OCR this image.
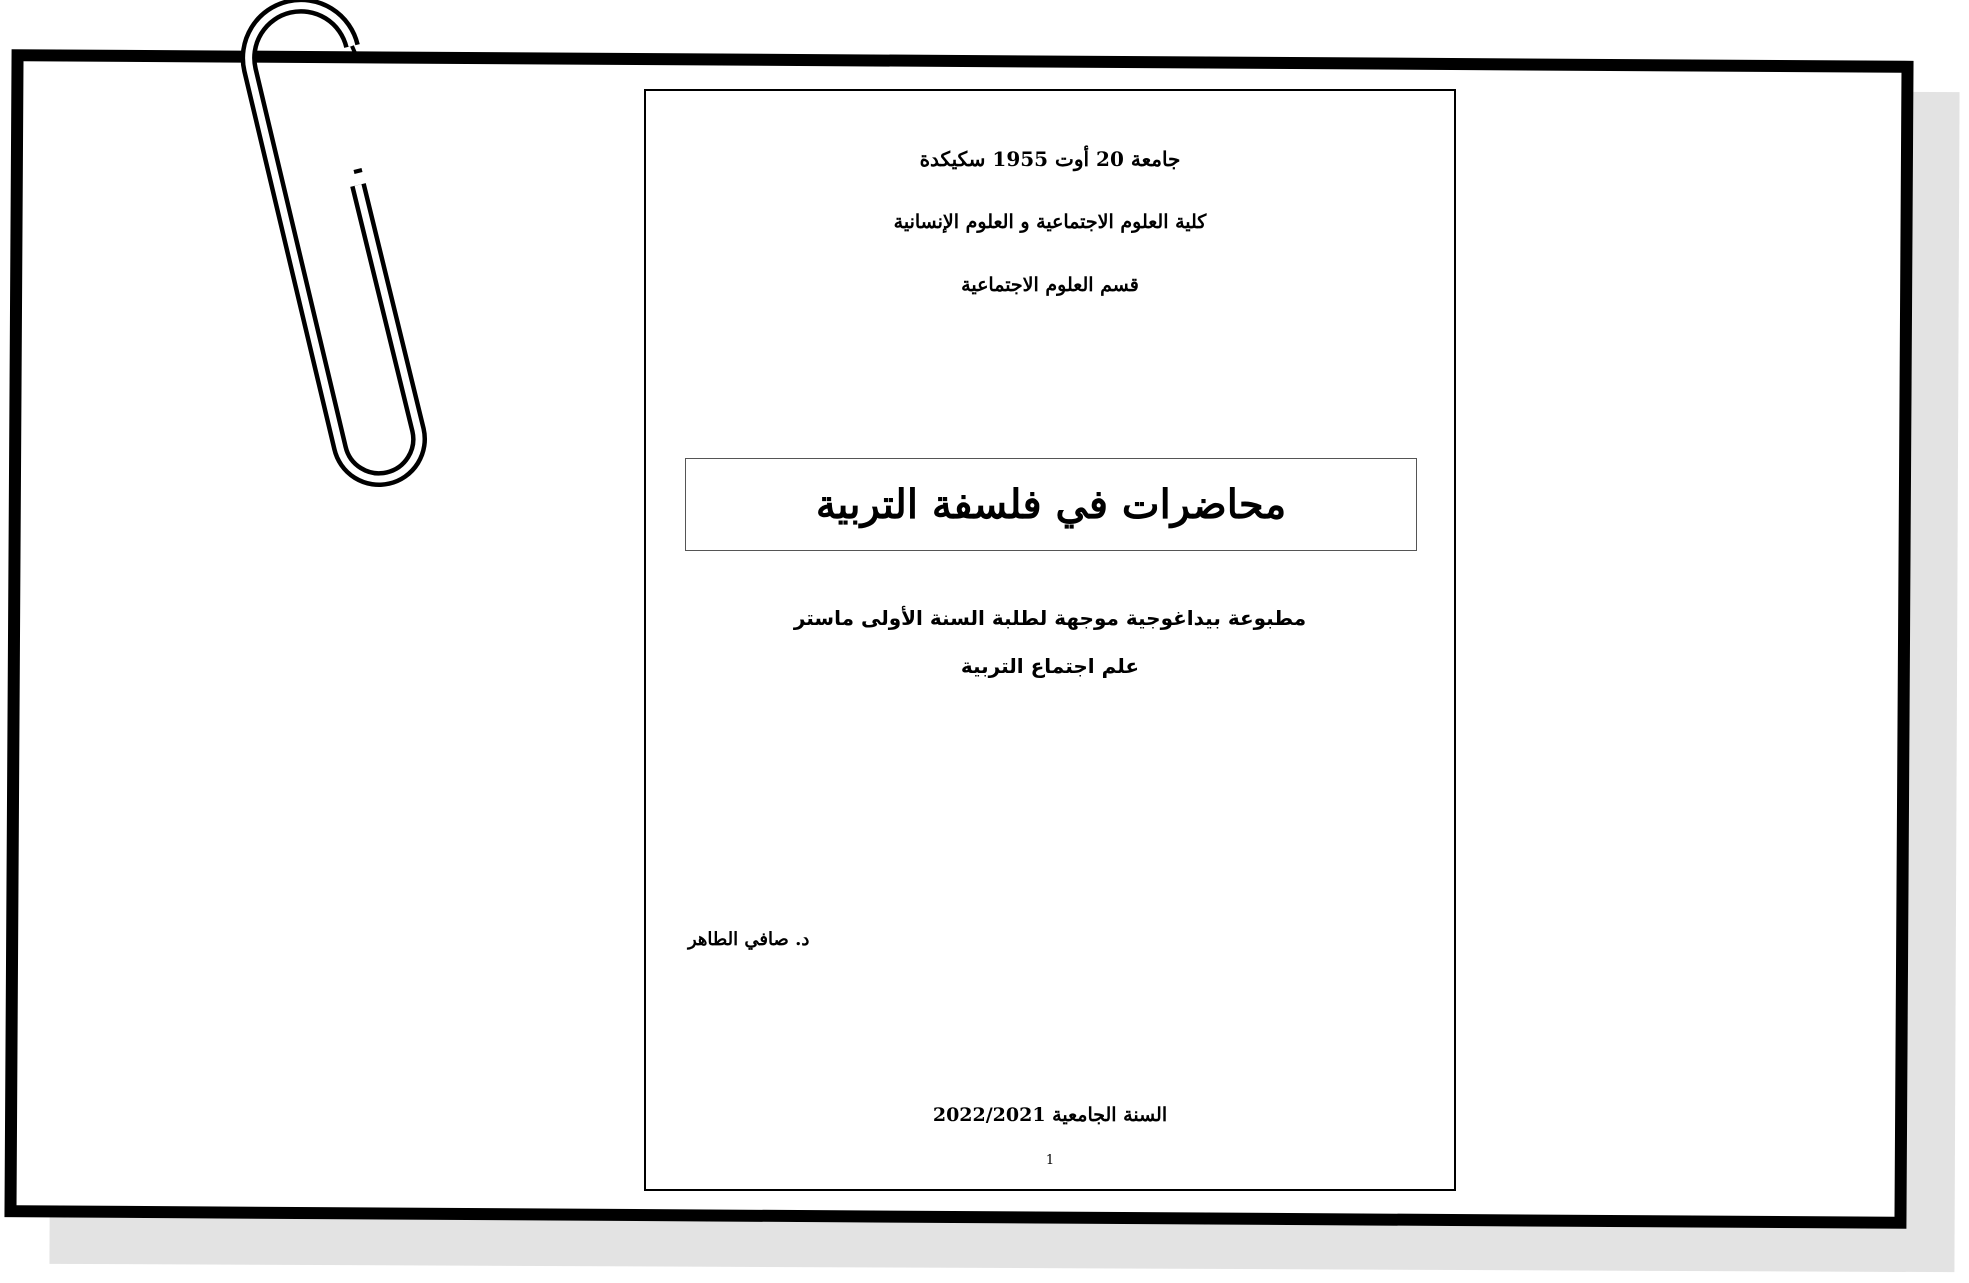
جامعة 20 أوت 1955 سكيكدة
كلية العلوم الاجتماعية و العلوم الإنسانية
قسم العلوم الاجتماعية
محاضرات في فلسفة التربية
مطبوعة بيداغوجية موجهة لطلبة السنة الأولى ماستر
علم اجتماع التربية
د. صافي الطاهر
السنة الجامعية 2022/2021
1
